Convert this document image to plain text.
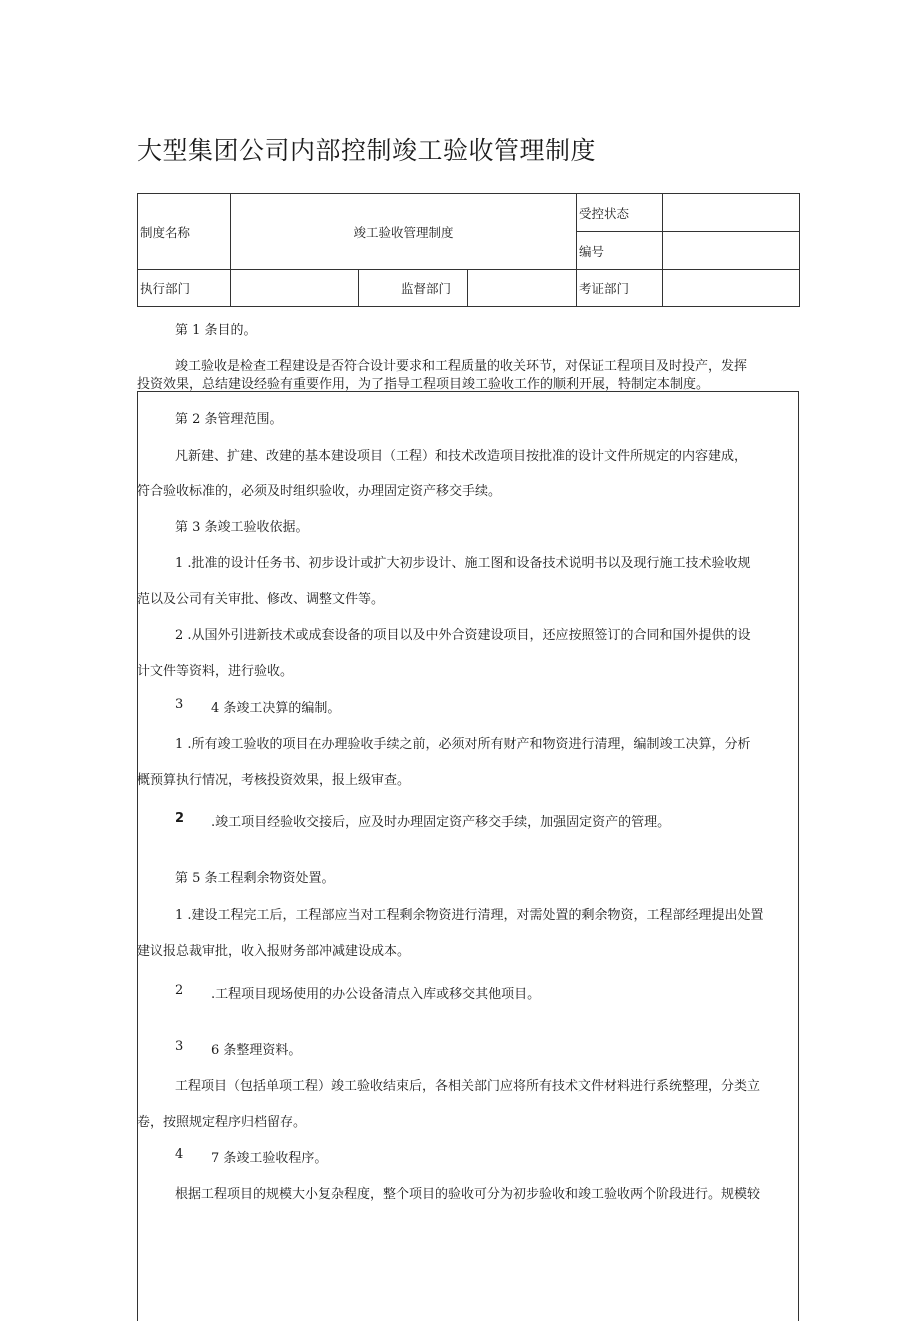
大型集团公司内部控制竣工验收管理制度
制度名称	竣工验收管理制度			受控状态	
				编号	
执行部门		监督部门		考证部门	
第 1 条目的。
竣工验收是检查工程建设是否符合设计要求和工程质量的收关环节，对保证工程项目及时投产，发挥
投资效果，总结建设经验有重要作用，为了指导工程项目竣工验收工作的顺利开展，特制定本制度。
第 2 条管理范围。
凡新建、扩建、改建的基本建设项目（工程）和技术改造项目按批准的设计文件所规定的内容建成，
符合验收标准的，必须及时组织验收，办理固定资产移交手续。
第 3 条竣工验收依据。
1 .批准的设计任务书、初步设计或扩大初步设计、施工图和设备技术说明书以及现行施工技术验收规
范以及公司有关审批、修改、调整文件等。
2 .从国外引进新技术或成套设备的项目以及中外合资建设项目，还应按照签订的合同和国外提供的设
计文件等资料，进行验收。
3 4 条竣工决算的编制。
1 .所有竣工验收的项目在办理验收手续之前，必须对所有财产和物资进行清理，编制竣工决算，分析
概预算执行情况，考核投资效果，报上级审查。
2 .竣工项目经验收交接后，应及时办理固定资产移交手续，加强固定资产的管理。
第 5 条工程剩余物资处置。
1 .建设工程完工后，工程部应当对工程剩余物资进行清理，对需处置的剩余物资，工程部经理提出处置
建议报总裁审批，收入报财务部冲减建设成本。
2 .工程项目现场使用的办公设备清点入库或移交其他项目。
3 6 条整理资料。
工程项目（包括单项工程）竣工验收结束后，各相关部门应将所有技术文件材料进行系统整理，分类立
卷，按照规定程序归档留存。
4 7 条竣工验收程序。
根据工程项目的规模大小复杂程度，整个项目的验收可分为初步验收和竣工验收两个阶段进行。规模较
